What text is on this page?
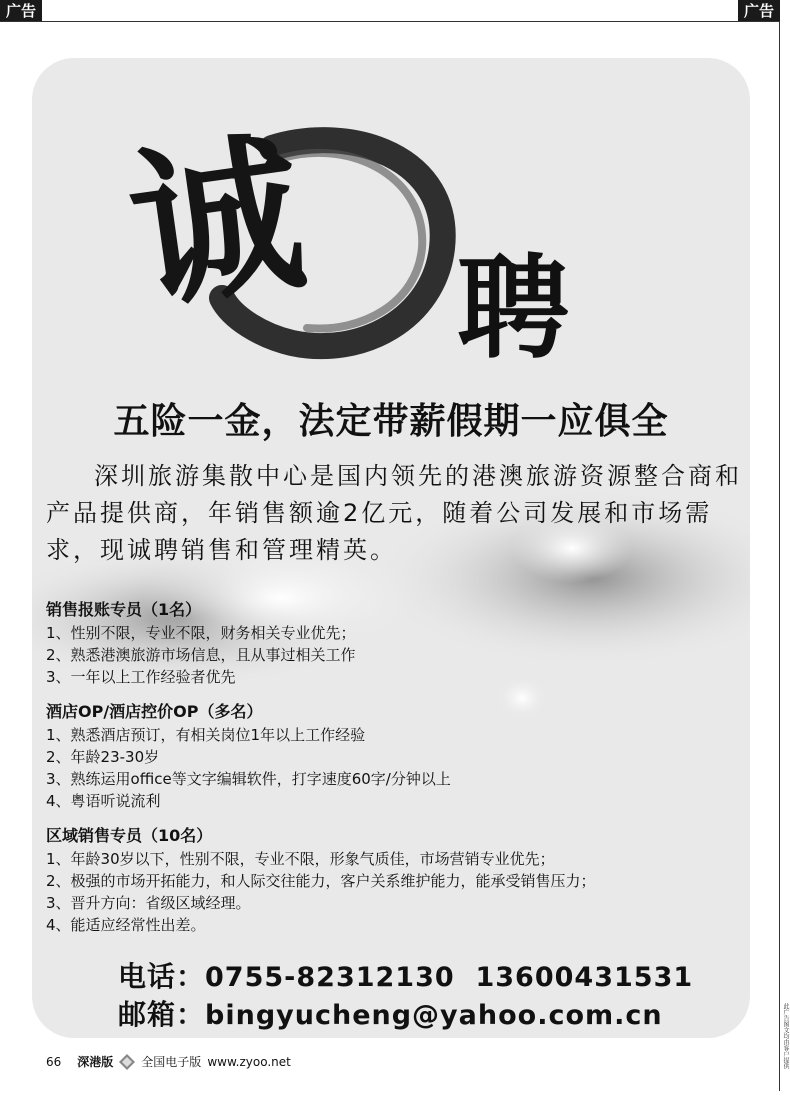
广告	广告
诚 聘
五险一金，法定带薪假期一应俱全
深圳旅游集散中心是国内领先的港澳旅游资源整合商和产品提供商，年销售额逾2亿元，随着公司发展和市场需求，现诚聘销售和管理精英。
销售报账专员（1名）
1、性别不限，专业不限，财务相关专业优先；
2、熟悉港澳旅游市场信息，且从事过相关工作
3、一年以上工作经验者优先
酒店OP/酒店控价OP（多名）
1、熟悉酒店预订，有相关岗位1年以上工作经验
2、年龄23-30岁
3、熟练运用office等文字编辑软件，打字速度60字/分钟以上
4、粤语听说流利
区域销售专员（10名）
1、年龄30岁以下，性别不限，专业不限，形象气质佳，市场营销专业优先；
2、极强的市场开拓能力，和人际交往能力，客户关系维护能力，能承受销售压力；
3、晋升方向：省级区域经理。
4、能适应经常性出差。
电话：0755-82312130 13600431531
邮箱：bingyucheng@yahoo.com.cn	此广告图文均由客户提供
66 深港版 全国电子版 www.zyoo.net
